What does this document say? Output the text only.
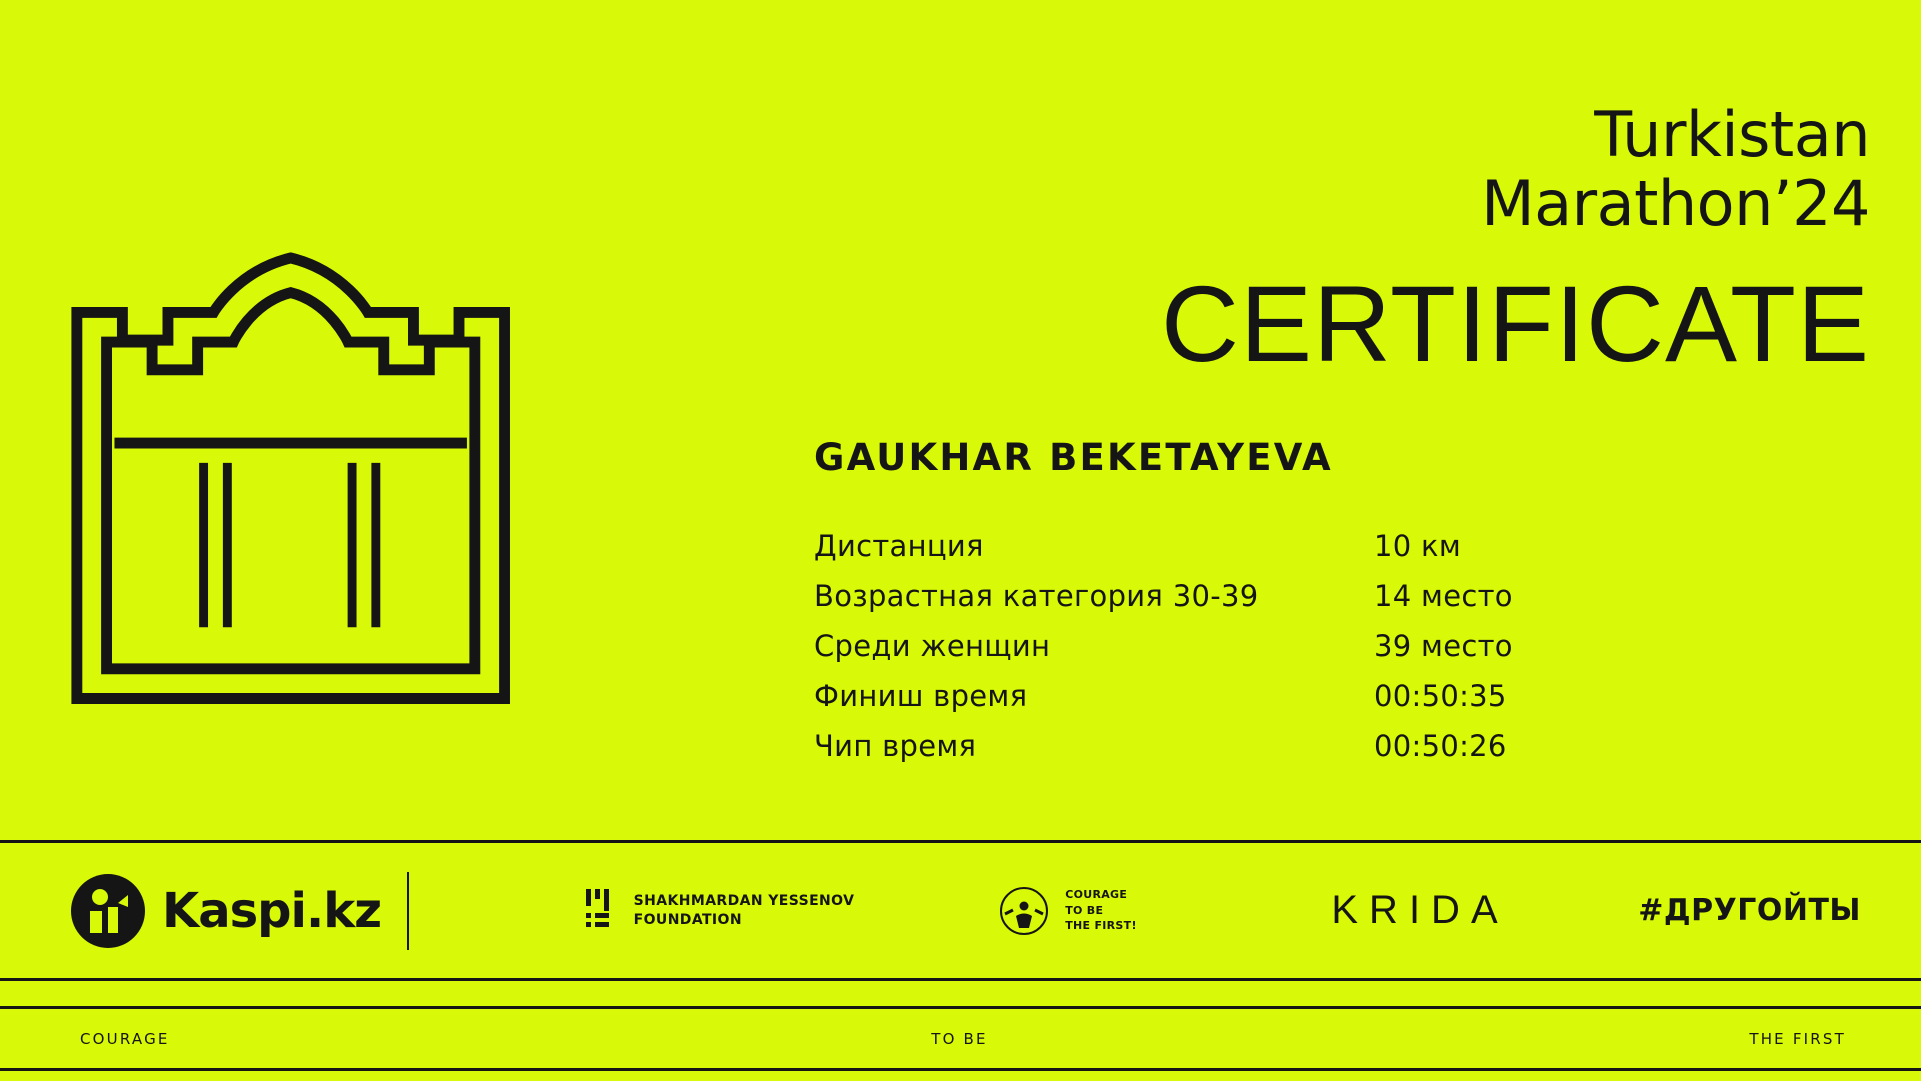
Turkistan
Marathon’24
CERTIFICATE
GAUKHAR BEKETAYEVA
Дистанция	10 км
Возрастная категория 30-39	14 место
Среди женщин	39 место
Финиш время	00:50:35
Чип время	00:50:26
Kaspi.kz	SHAKHMARDAN YESSENOV
FOUNDATION
COURAGE
TO BE
THE FIRST!	KRIDA	#ДРУГОЙТЫ
COURAGE	TO BE	THE FIRST
